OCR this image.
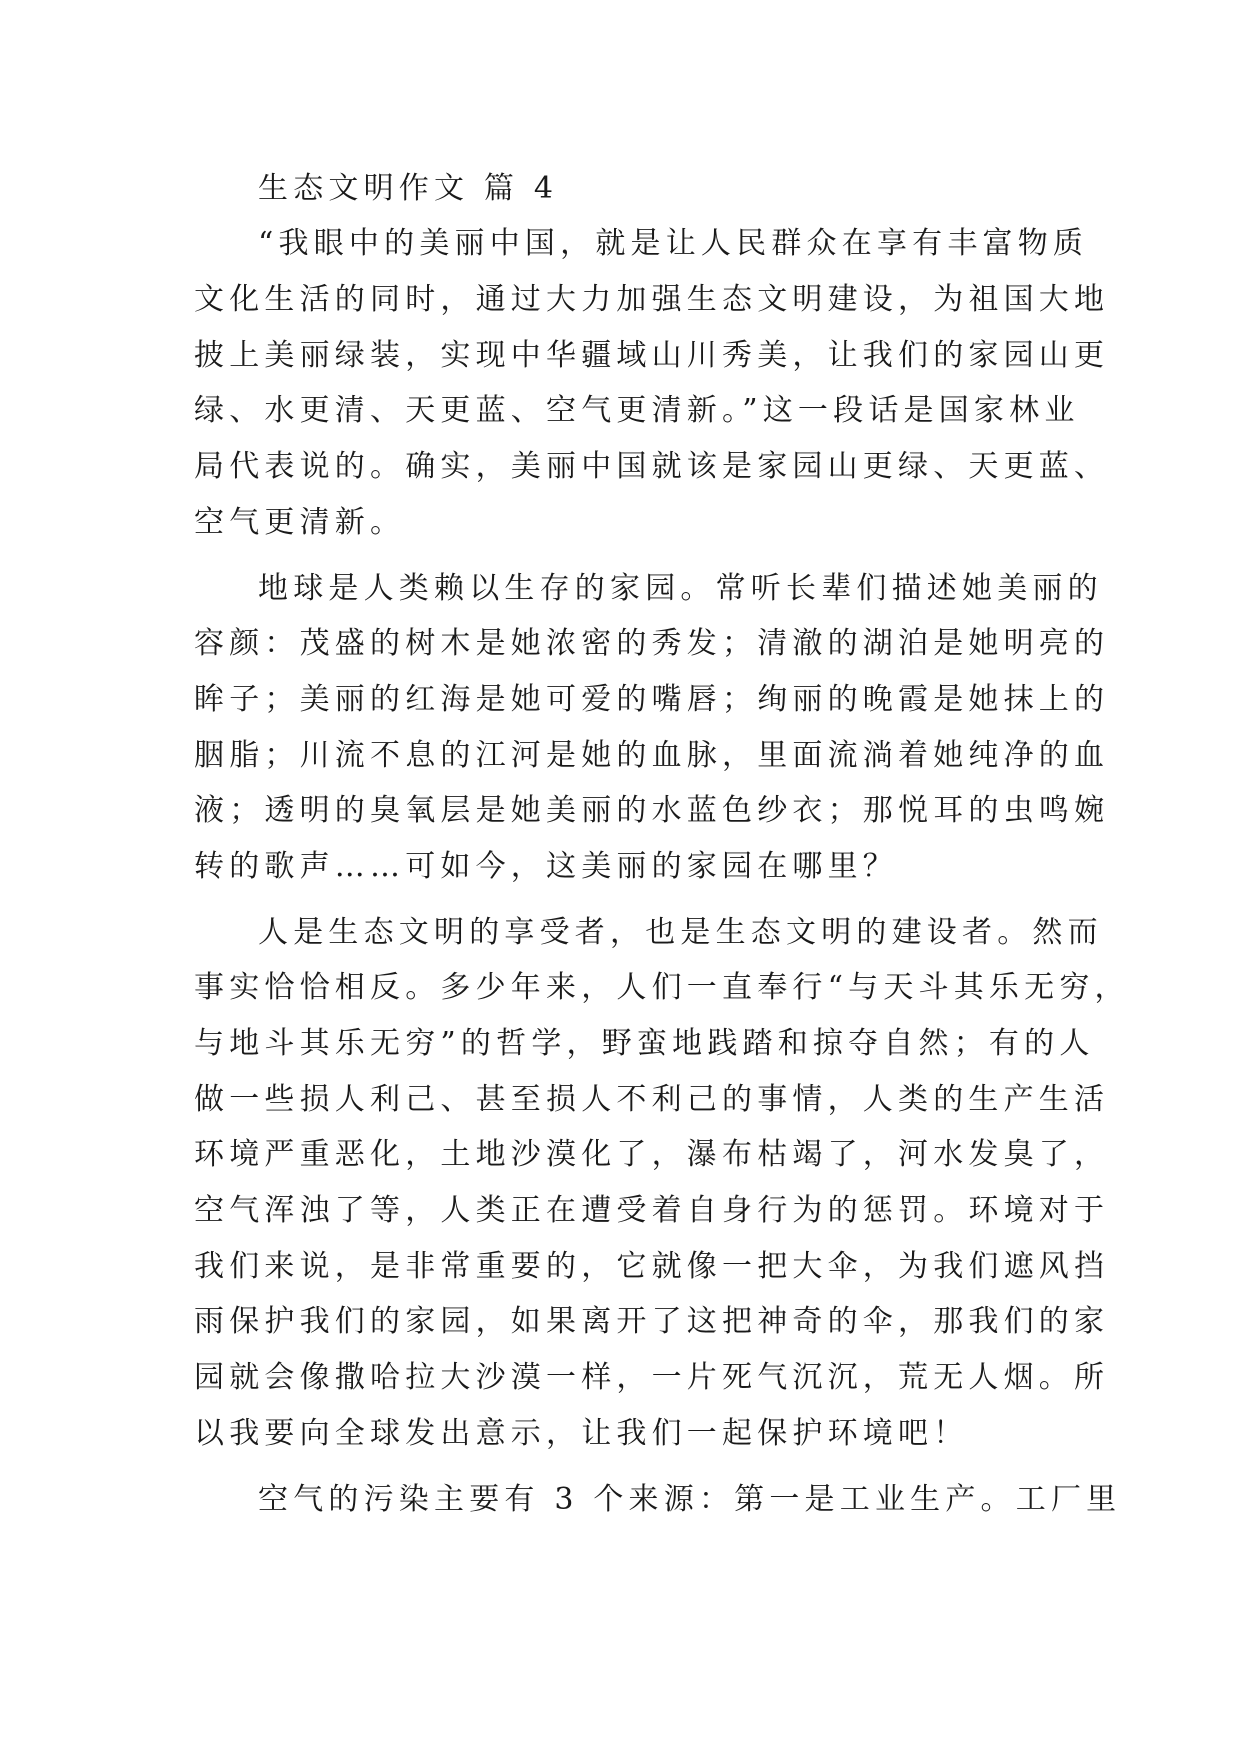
生态文明作文 篇 4
“我眼中的美丽中国，就是让人民群众在享有丰富物质
文化生活的同时，通过大力加强生态文明建设，为祖国大地
披上美丽绿装，实现中华疆域山川秀美，让我们的家园山更
绿、水更清、天更蓝、空气更清新。”这一段话是国家林业
局代表说的。确实，美丽中国就该是家园山更绿、天更蓝、
空气更清新。
地球是人类赖以生存的家园。常听长辈们描述她美丽的
容颜：茂盛的树木是她浓密的秀发；清澈的湖泊是她明亮的
眸子；美丽的红海是她可爱的嘴唇；绚丽的晚霞是她抹上的
胭脂；川流不息的江河是她的血脉，里面流淌着她纯净的血
液；透明的臭氧层是她美丽的水蓝色纱衣；那悦耳的虫鸣婉
转的歌声……可如今，这美丽的家园在哪里？
人是生态文明的享受者，也是生态文明的建设者。然而
事实恰恰相反。多少年来，人们一直奉行“与天斗其乐无穷，
与地斗其乐无穷”的哲学，野蛮地践踏和掠夺自然；有的人
做一些损人利己、甚至损人不利己的事情，人类的生产生活
环境严重恶化，土地沙漠化了，瀑布枯竭了，河水发臭了，
空气浑浊了等，人类正在遭受着自身行为的惩罚。环境对于
我们来说，是非常重要的，它就像一把大伞，为我们遮风挡
雨保护我们的家园，如果离开了这把神奇的伞，那我们的家
园就会像撒哈拉大沙漠一样，一片死气沉沉，荒无人烟。所
以我要向全球发出意示，让我们一起保护环境吧！
空气的污染主要有 3 个来源：第一是工业生产。工厂里
